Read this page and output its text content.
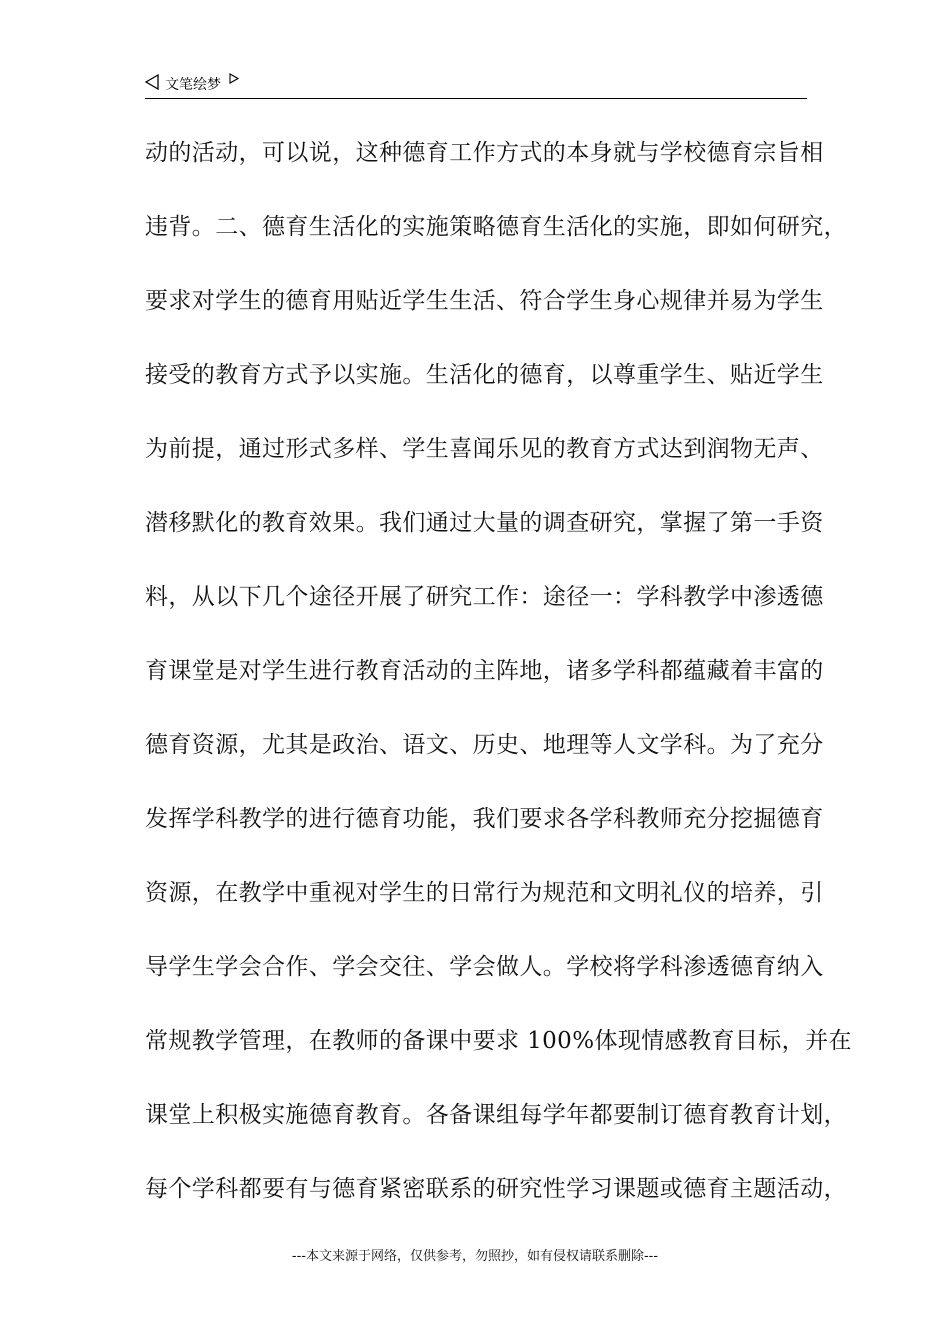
文笔绘梦
动的活动，可以说，这种德育工作方式的本身就与学校德育宗旨相
违背。二、德育生活化的实施策略德育生活化的实施，即如何研究，
要求对学生的德育用贴近学生生活、符合学生身心规律并易为学生
接受的教育方式予以实施。生活化的德育，以尊重学生、贴近学生
为前提，通过形式多样、学生喜闻乐见的教育方式达到润物无声、
潜移默化的教育效果。我们通过大量的调查研究，掌握了第一手资
料，从以下几个途径开展了研究工作：途径一：学科教学中渗透德
育课堂是对学生进行教育活动的主阵地，诸多学科都蕴藏着丰富的
德育资源，尤其是政治、语文、历史、地理等人文学科。为了充分
发挥学科教学的进行德育功能，我们要求各学科教师充分挖掘德育
资源，在教学中重视对学生的日常行为规范和文明礼仪的培养，引
导学生学会合作、学会交往、学会做人。学校将学科渗透德育纳入
常规教学管理，在教师的备课中要求 100%体现情感教育目标，并在
课堂上积极实施德育教育。各备课组每学年都要制订德育教育计划，
每个学科都要有与德育紧密联系的研究性学习课题或德育主题活动，
---本文来源于网络，仅供参考，勿照抄，如有侵权请联系删除---
